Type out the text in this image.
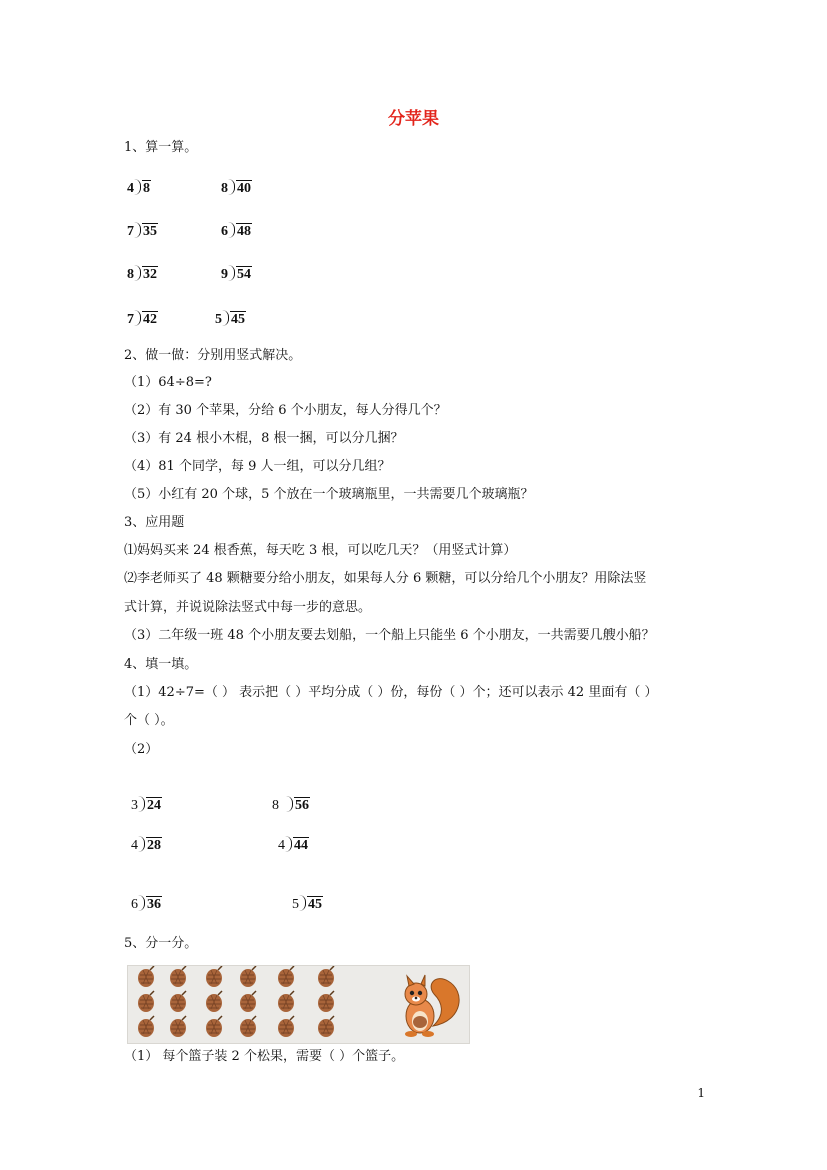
分苹果
1、算一算。
4 8	8 40
7 35	6 48
8 32	9 54
7 42	5 45
2、做一做：分别用竖式解决。
（1）64÷8=?
（2）有 30 个苹果，分给 6 个小朋友，每人分得几个？
（3）有 24 根小木棍，8 根一捆，可以分几捆？
（4）81 个同学，每 9 人一组，可以分几组？
（5）小红有 20 个球，5 个放在一个玻璃瓶里，一共需要几个玻璃瓶？
3、应用题
⑴妈妈买来 24 根香蕉，每天吃 3 根，可以吃几天？（用竖式计算）
⑵李老师买了 48 颗糖要分给小朋友，如果每人分 6 颗糖，可以分给几个小朋友？用除法竖
式计算，并说说除法竖式中每一步的意思。
（3）二年级一班 48 个小朋友要去划船，一个船上只能坐 6 个小朋友，一共需要几艘小船？
4、填一填。
（1）42÷7=（ ） 表示把（ ）平均分成（ ）份，每份（ ）个；还可以表示 42 里面有（ ）
个（ ）。
（2）
3 24	8 56
4 28	4 44
6 36	5 45
5、分一分。
（1） 每个篮子装 2 个松果，需要（ ）个篮子。
1
